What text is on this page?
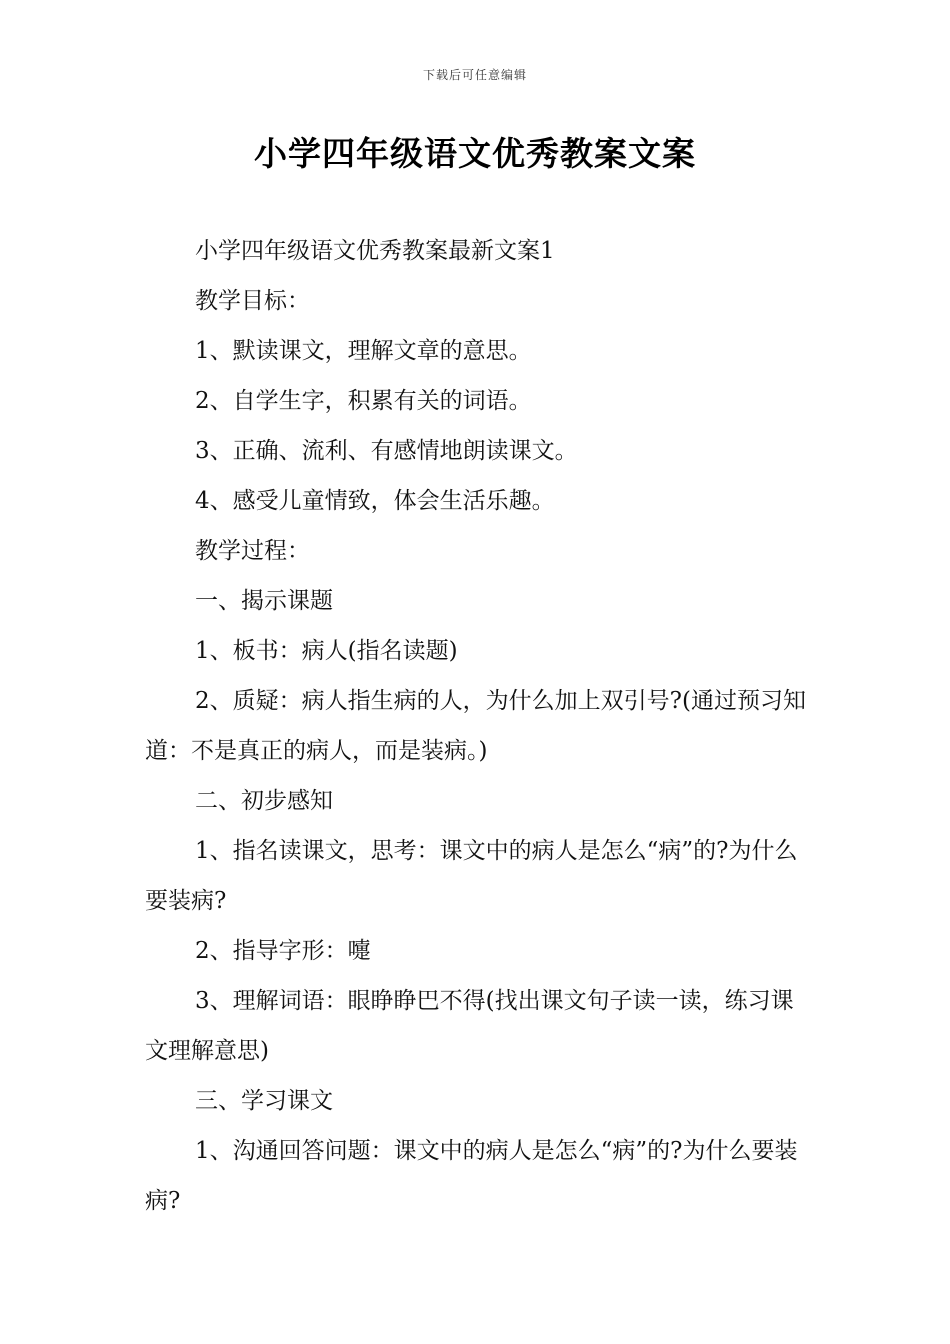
下载后可任意编辑
小学四年级语文优秀教案文案

小学四年级语文优秀教案最新文案1

教学目标：

1、默读课文，理解文章的意思。

2、自学生字，积累有关的词语。

3、正确、流利、有感情地朗读课文。

4、感受儿童情致，体会生活乐趣。

教学过程：

一、揭示课题

1、板书：病人(指名读题)

2、质疑：病人指生病的人，为什么加上双引号?(通过预习知道：不是真正的病人，而是装病。)

二、初步感知

1、指名读课文，思考：课文中的病人是怎么“病”的?为什么要装病?

2、指导字形：嚏

3、理解词语：眼睁睁巴不得(找出课文句子读一读，练习课文理解意思)

三、学习课文

1、沟通回答问题：课文中的病人是怎么“病”的?为什么要装病?
